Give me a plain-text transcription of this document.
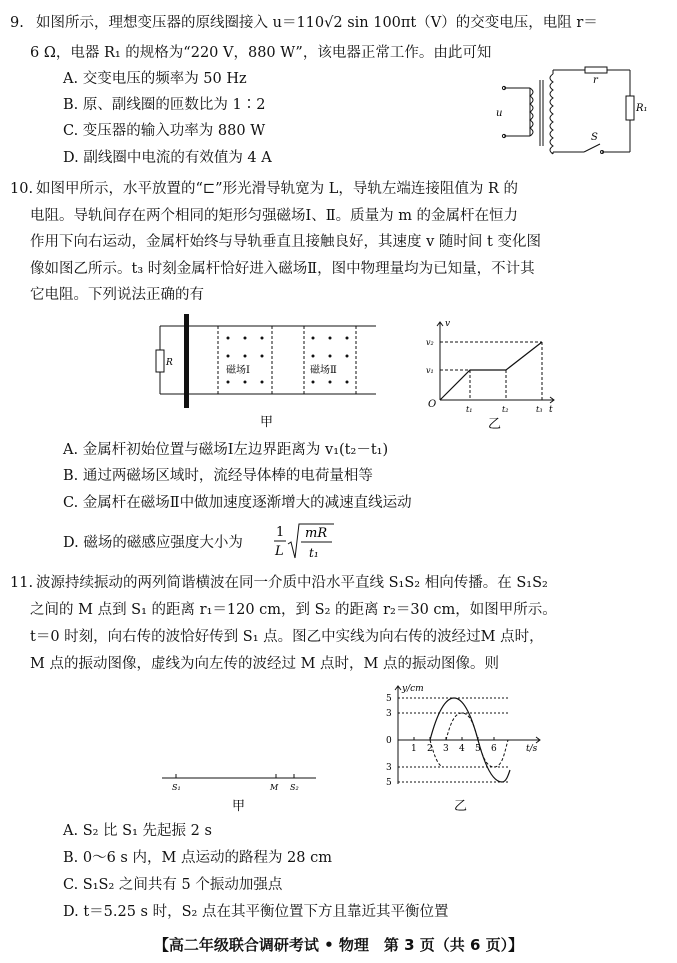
9. 如图所示，理想变压器的原线圈接入 u＝110√2 sin 100πt（V）的交变电压，电阻 r＝
6 Ω，电器 R₁ 的规格为“220 V，880 W”，该电器正常工作。由此可知
A. 交变电压的频率为 50 Hz
B. 原、副线圈的匝数比为 1∶2
C. 变压器的输入功率为 880 W
D. 副线圈中电流的有效值为 4 A
u
r
R₁
S
10. 如图甲所示，水平放置的“⊏”形光滑导轨宽为 L，导轨左端连接阻值为 R 的
电阻。导轨间存在两个相同的矩形匀强磁场Ⅰ、Ⅱ。质量为 m 的金属杆在恒力
作用下向右运动，金属杆始终与导轨垂直且接触良好，其速度 v 随时间 t 变化图
像如图乙所示。t₃ 时刻金属杆恰好进入磁场Ⅱ，图中物理量均为已知量，不计其
它电阻。下列说法正确的有
R
磁场Ⅰ	磁场Ⅱ
甲
v
v₂
v₁
O	t₁	t₂	t₃ t
乙
A. 金属杆初始位置与磁场Ⅰ左边界距离为 v₁(t₂－t₁)
B. 通过两磁场区域时，流经导体棒的电荷量相等
C. 金属杆在磁场Ⅱ中做加速度逐渐增大的减速直线运动
D. 磁场的磁感应强度大小为
1
L
mR
t₁
11. 波源持续振动的两列简谐横波在同一介质中沿水平直线 S₁S₂ 相向传播。在 S₁S₂
之间的 M 点到 S₁ 的距离 r₁＝120 cm，到 S₂ 的距离 r₂＝30 cm，如图甲所示。
t＝0 时刻，向右传的波恰好传到 S₁ 点。图乙中实线为向右传的波经过M 点时，
M 点的振动图像，虚线为向左传的波经过 M 点时，M 点的振动图像。则
S₁	M S₂
甲
y/cm
5
3
0
3
5
1 2 3 4 5 6	t/s
乙
A. S₂ 比 S₁ 先起振 2 s
B. 0～6 s 内，M 点运动的路程为 28 cm
C. S₁S₂ 之间共有 5 个振动加强点
D. t＝5.25 s 时，S₂ 点在其平衡位置下方且靠近其平衡位置
【高二年级联合调研考试 • 物理　第 3 页（共 6 页）】
